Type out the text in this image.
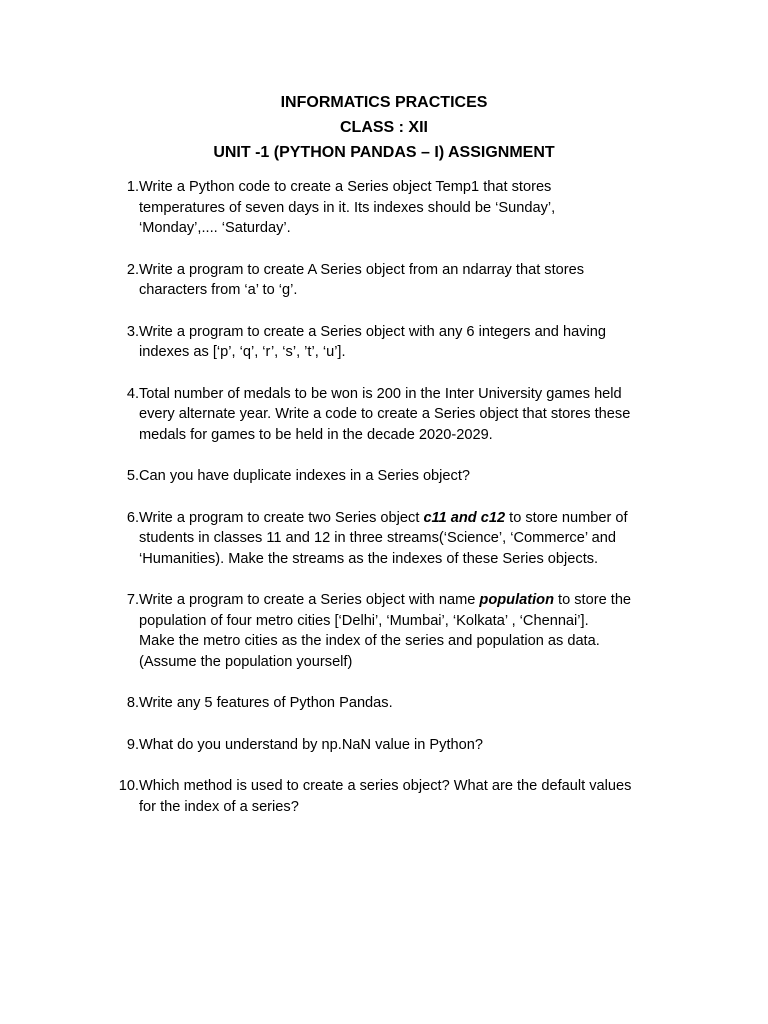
INFORMATICS PRACTICES
CLASS : XII
UNIT -1 (PYTHON PANDAS – I) ASSIGNMENT
1. Write a Python code to create a Series object Temp1 that stores
temperatures of seven days in it. Its indexes should be ‘Sunday’,
‘Monday’,.... ‘Saturday’.
2. Write a program to create A Series object from an ndarray that stores
characters from ‘a’ to ‘g’.
3. Write a program to create a Series object with any 6 integers and having
indexes as [‘p’, ‘q’, ‘r’, ‘s’, ’t’, ‘u’].
4. Total number of medals to be won is 200 in the Inter University games held
every alternate year. Write a code to create a Series object that stores these
medals for games to be held in the decade 2020-2029.
5. Can you have duplicate indexes in a Series object?
6. Write a program to create two Series object c11 and c12 to store number of
students in classes 11 and 12 in three streams(‘Science’, ‘Commerce’ and
‘Humanities). Make the streams as the indexes of these Series objects.
7. Write a program to create a Series object with name population to store the
population of four metro cities [‘Delhi’, ‘Mumbai’, ‘Kolkata’ , ‘Chennai’].
Make the metro cities as the index of the series and population as data.
(Assume the population yourself)
8. Write any 5 features of Python Pandas.
9. What do you understand by np.NaN value in Python?
10. Which method is used to create a series object? What are the default values
for the index of a series?
